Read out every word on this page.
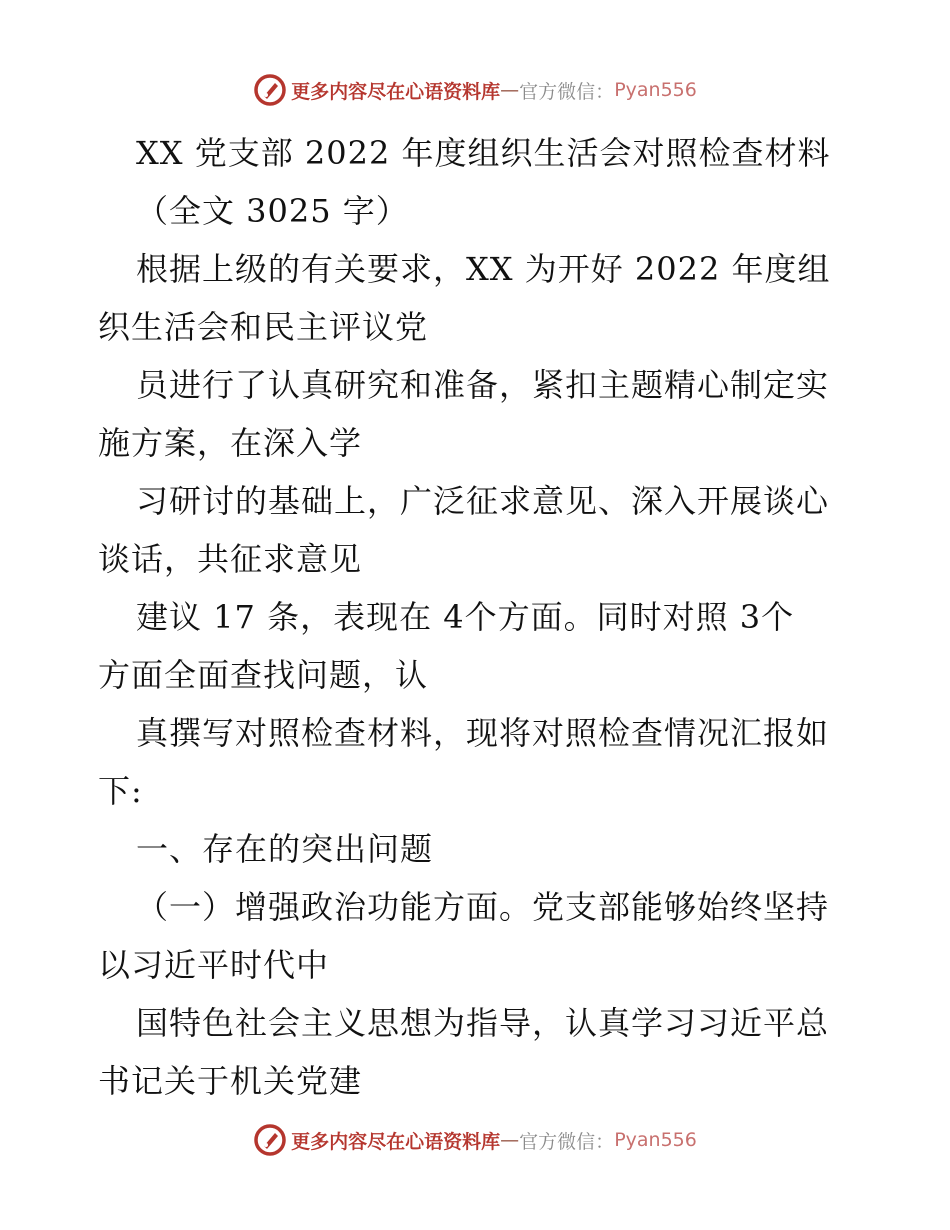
更多内容尽在心语资料库 — 官方微信： Pyan556
XX 党支部 2022 年度组织生活会对照检查材料
（全文 3025 字）
根据上级的有关要求，XX 为开好 2022 年度组
织生活会和民主评议党
员进行了认真研究和准备，紧扣主题精心制定实
施方案，在深入学
习研讨的基础上，广泛征求意见、深入开展谈心
谈话，共征求意见
建议 17 条，表现在 4个方面。同时对照 3个
方面全面查找问题，认
真撰写对照检查材料，现将对照检查情况汇报如
下:
一、存在的突出问题
（一）增强政治功能方面。党支部能够始终坚持
以习近平时代中
国特色社会主义思想为指导，认真学习习近平总
书记关于机关党建
更多内容尽在心语资料库 — 官方微信： Pyan556
